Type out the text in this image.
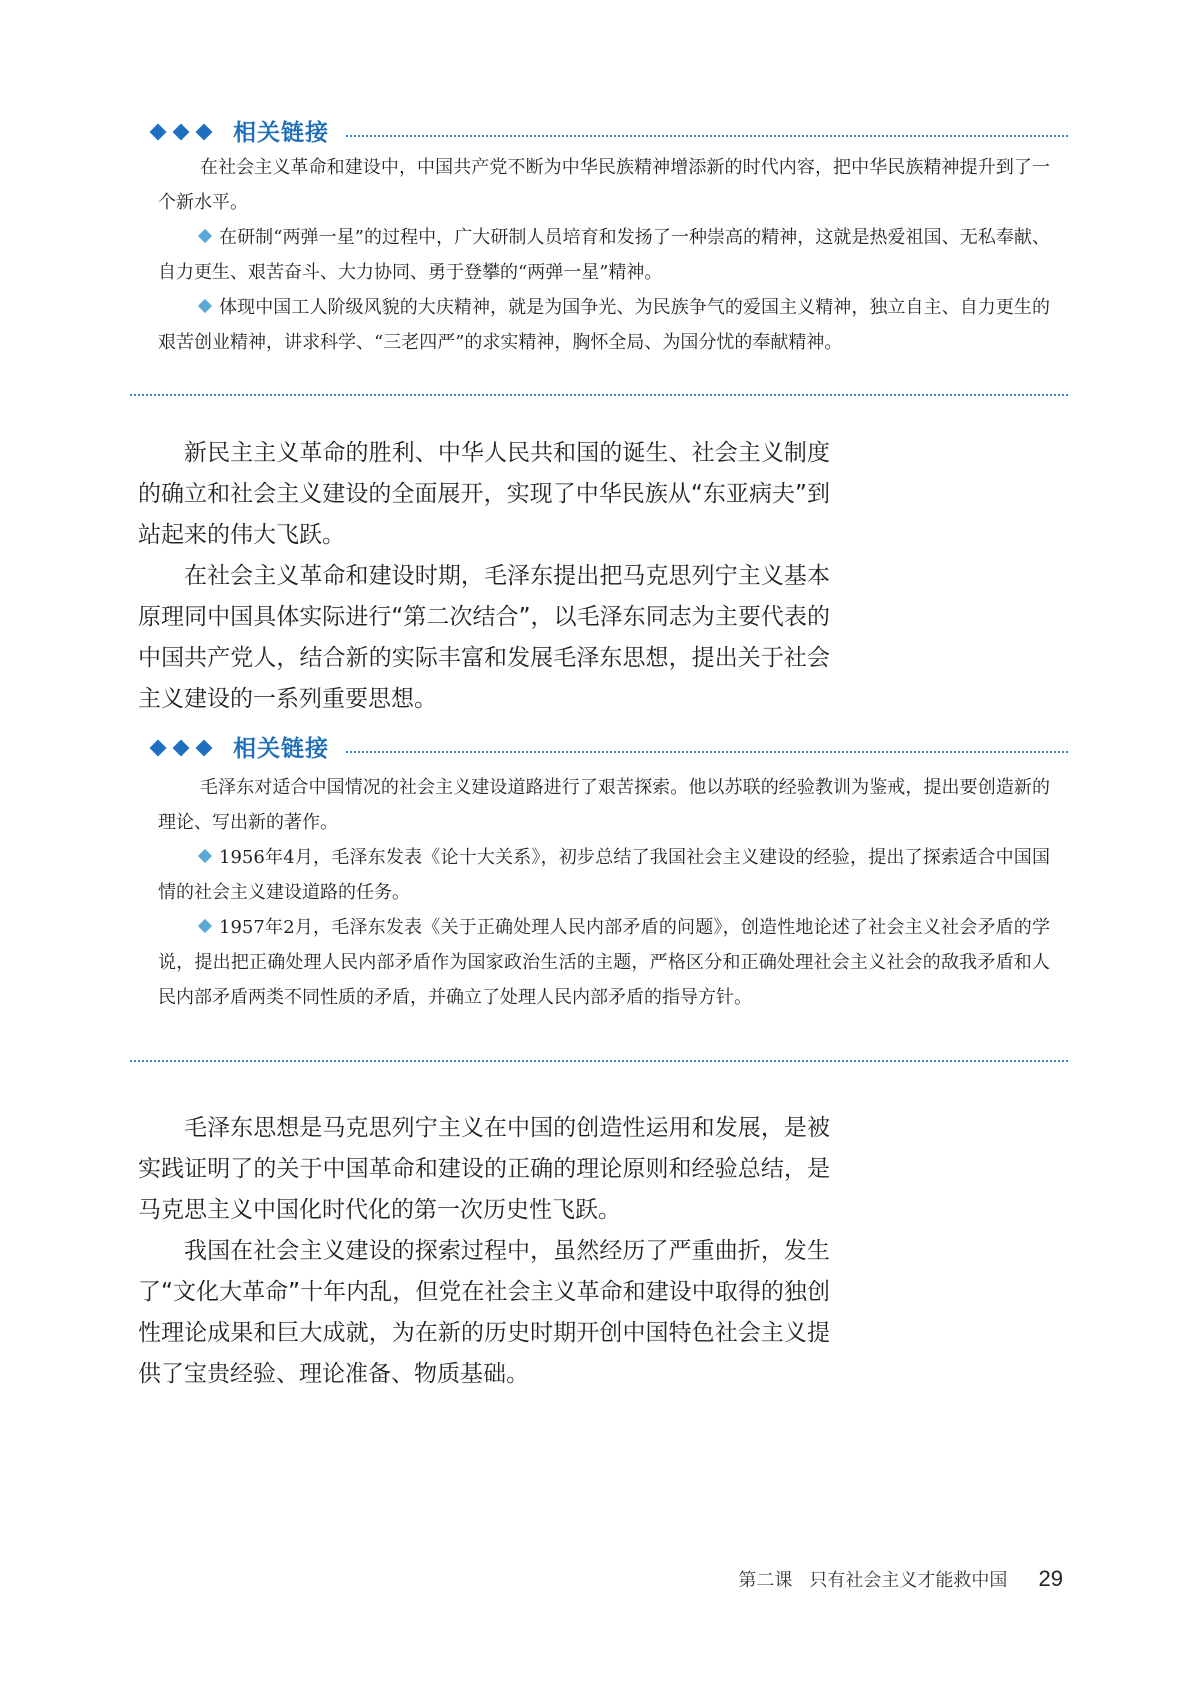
相关链接

在社会主义革命和建设中，中国共产党不断为中华民族精神增添新的时代内容，把中华民族精神提升到了一个新水平。

在研制“两弹一星”的过程中，广大研制人员培育和发扬了一种崇高的精神，这就是热爱祖国、无私奉献、自力更生、艰苦奋斗、大力协同、勇于登攀的“两弹一星”精神。

体现中国工人阶级风貌的大庆精神，就是为国争光、为民族争气的爱国主义精神，独立自主、自力更生的艰苦创业精神，讲求科学、“三老四严”的求实精神，胸怀全局、为国分忧的奉献精神。

新民主主义革命的胜利、中华人民共和国的诞生、社会主义制度的确立和社会主义建设的全面展开，实现了中华民族从“东亚病夫”到站起来的伟大飞跃。

在社会主义革命和建设时期，毛泽东提出把马克思列宁主义基本原理同中国具体实际进行“第二次结合”，以毛泽东同志为主要代表的中国共产党人，结合新的实际丰富和发展毛泽东思想，提出关于社会主义建设的一系列重要思想。

相关链接

毛泽东对适合中国情况的社会主义建设道路进行了艰苦探索。他以苏联的经验教训为鉴戒，提出要创造新的理论、写出新的著作。

1956年4月，毛泽东发表《论十大关系》，初步总结了我国社会主义建设的经验，提出了探索适合中国国情的社会主义建设道路的任务。

1957年2月，毛泽东发表《关于正确处理人民内部矛盾的问题》，创造性地论述了社会主义社会矛盾的学说，提出把正确处理人民内部矛盾作为国家政治生活的主题，严格区分和正确处理社会主义社会的敌我矛盾和人民内部矛盾两类不同性质的矛盾，并确立了处理人民内部矛盾的指导方针。

毛泽东思想是马克思列宁主义在中国的创造性运用和发展，是被实践证明了的关于中国革命和建设的正确的理论原则和经验总结，是马克思主义中国化时代化的第一次历史性飞跃。

我国在社会主义建设的探索过程中，虽然经历了严重曲折，发生了“文化大革命”十年内乱，但党在社会主义革命和建设中取得的独创性理论成果和巨大成就，为在新的历史时期开创中国特色社会主义提供了宝贵经验、理论准备、物质基础。

第二课 只有社会主义才能救中国 29
